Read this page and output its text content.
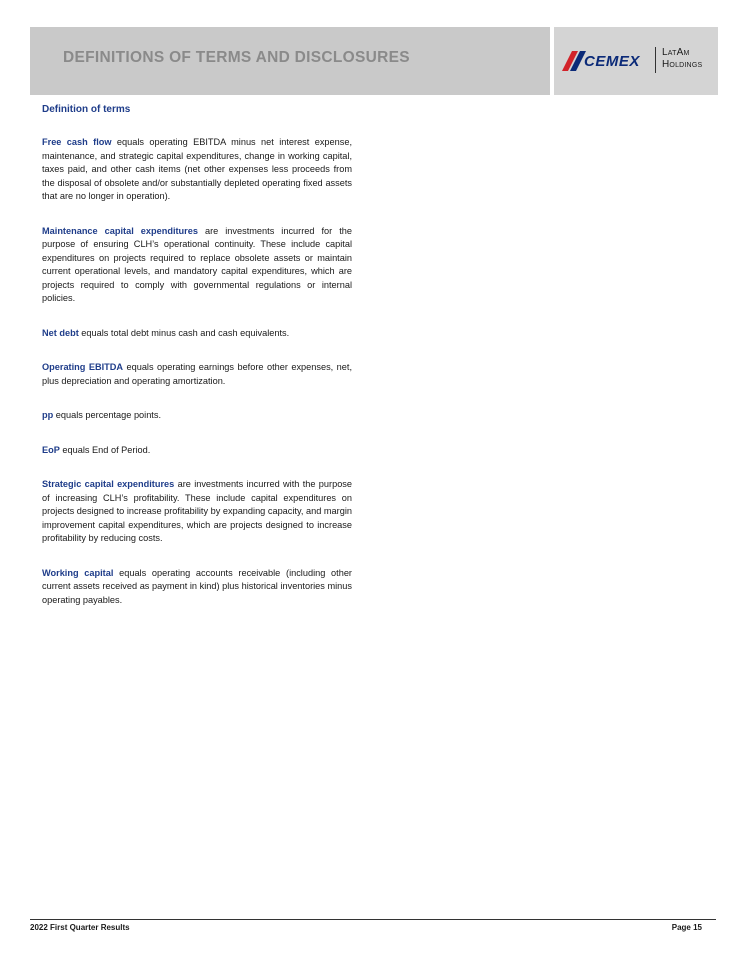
DEFINITIONS OF TERMS AND DISCLOSURES	CEMEX
LatAm
Holdings
Definition of terms

Free cash flow equals operating EBITDA minus net interest expense, maintenance, and strategic capital expenditures, change in working capital, taxes paid, and other cash items (net other expenses less proceeds from the disposal of obsolete and/or substantially depleted operating fixed assets that are no longer in operation).

Maintenance capital expenditures are investments incurred for the purpose of ensuring CLH’s operational continuity. These include capital expenditures on projects required to replace obsolete assets or maintain current operational levels, and mandatory capital expenditures, which are projects required to comply with governmental regulations or internal policies.

Net debt equals total debt minus cash and cash equivalents.

Operating EBITDA equals operating earnings before other expenses, net, plus depreciation and operating amortization.

pp equals percentage points.

EoP equals End of Period.

Strategic capital expenditures are investments incurred with the purpose of increasing CLH’s profitability. These include capital expenditures on projects designed to increase profitability by expanding capacity, and margin improvement capital expenditures, which are projects designed to increase profitability by reducing costs.

Working capital equals operating accounts receivable (including other current assets received as payment in kind) plus historical inventories minus operating payables.

2022 First Quarter Results	Page 15
